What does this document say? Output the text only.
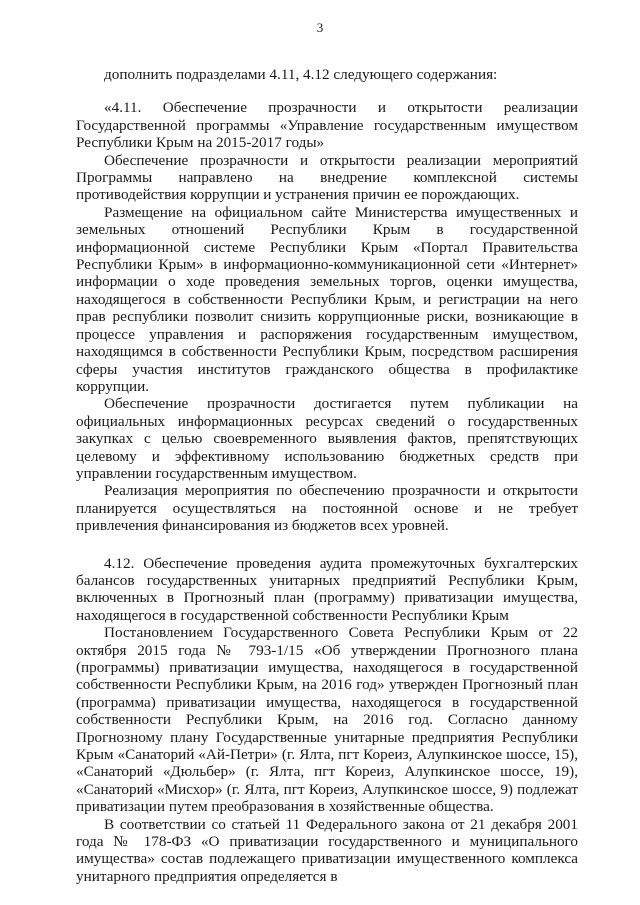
3

дополнить подразделами 4.11, 4.12 следующего содержания:

«4.11. Обеспечение прозрачности и открытости реализации Государственной программы «Управление государственным имуществом Республики Крым на 2015-2017 годы»

Обеспечение прозрачности и открытости реализации мероприятий Программы направлено на внедрение комплексной системы противодействия коррупции и устранения причин ее порождающих.

Размещение на официальном сайте Министерства имущественных и земельных отношений Республики Крым в государственной информационной системе Республики Крым «Портал Правительства Республики Крым» в информационно-коммуникационной сети «Интернет» информации о ходе проведения земельных торгов, оценки имущества, находящегося в собственности Республики Крым, и регистрации на него прав республики позволит снизить коррупционные риски, возникающие в процессе управления и распоряжения государственным имуществом, находящимся в собственности Республики Крым, посредством расширения сферы участия институтов гражданского общества в профилактике коррупции.

Обеспечение прозрачности достигается путем публикации на официальных информационных ресурсах сведений о государственных закупках с целью своевременного выявления фактов, препятствующих целевому и эффективному использованию бюджетных средств при управлении государственным имуществом.

Реализация мероприятия по обеспечению прозрачности и открытости планируется осуществляться на постоянной основе и не требует привлечения финансирования из бюджетов всех уровней.

4.12. Обеспечение проведения аудита промежуточных бухгалтерских балансов государственных унитарных предприятий Республики Крым, включенных в Прогнозный план (программу) приватизации имущества, находящегося в государственной собственности Республики Крым

Постановлением Государственного Совета Республики Крым от 22 октября 2015 года № 793-1/15 «Об утверждении Прогнозного плана (программы) приватизации имущества, находящегося в государственной собственности Республики Крым, на 2016 год» утвержден Прогнозный план (программа) приватизации имущества, находящегося в государственной собственности Республики Крым, на 2016 год. Согласно данному Прогнозному плану Государственные унитарные предприятия Республики Крым «Санаторий «Ай-Петри» (г. Ялта, пгт Кореиз, Алупкинское шоссе, 15), «Санаторий «Дюльбер» (г. Ялта, пгт Кореиз, Алупкинское шоссе, 19), «Санаторий «Мисхор» (г. Ялта, пгт Кореиз, Алупкинское шоссе, 9) подлежат приватизации путем преобразования в хозяйственные общества.

В соответствии со статьей 11 Федерального закона от 21 декабря 2001 года № 178-ФЗ «О приватизации государственного и муниципального имущества» состав подлежащего приватизации имущественного комплекса унитарного предприятия определяется в
